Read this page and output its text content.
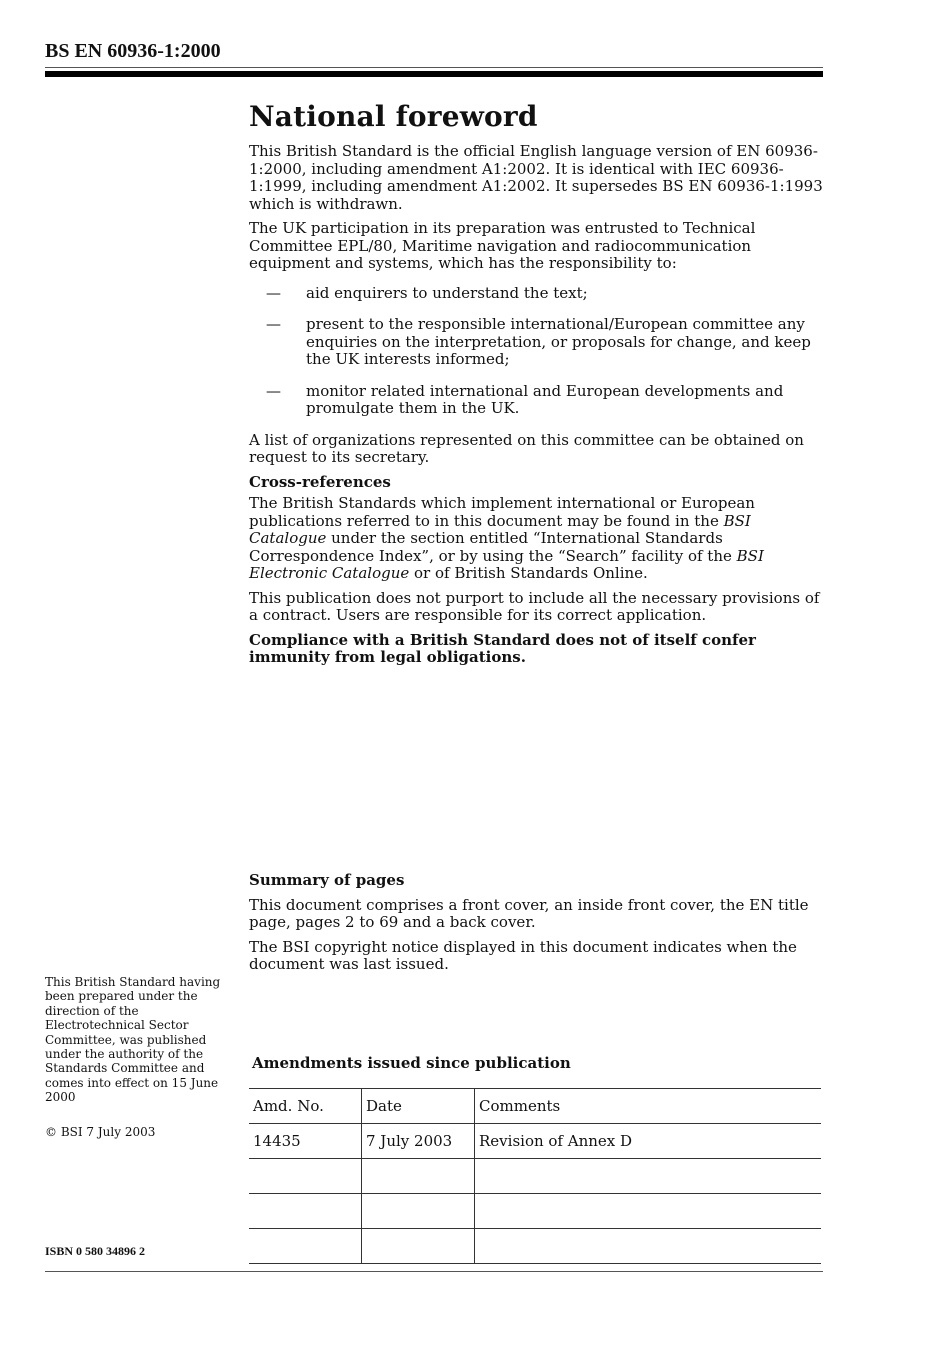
BS EN 60936-1:2000
National foreword

This British Standard is the official English language version of EN 60936-1:2000, including amendment A1:2002. It is identical with IEC 60936-1:1999, including amendment A1:2002. It supersedes BS EN 60936-1:1993 which is withdrawn.

The UK participation in its preparation was entrusted to Technical Committee EPL/80, Maritime navigation and radiocommunication equipment and systems, which has the responsibility to:

— aid enquirers to understand the text;
— present to the responsible international/European committee any enquiries on the interpretation, or proposals for change, and keep the UK interests informed;
— monitor related international and European developments and promulgate them in the UK.

A list of organizations represented on this committee can be obtained on request to its secretary.

Cross-references

The British Standards which implement international or European publications referred to in this document may be found in the BSI Catalogue under the section entitled “International Standards Correspondence Index”, or by using the “Search” facility of the BSI Electronic Catalogue or of British Standards Online.

This publication does not purport to include all the necessary provisions of a contract. Users are responsible for its correct application.

Compliance with a British Standard does not of itself confer immunity from legal obligations.

Summary of pages

This document comprises a front cover, an inside front cover, the EN title page, pages 2 to 69 and a back cover.

The BSI copyright notice displayed in this document indicates when the document was last issued.

This British Standard having been prepared under the direction of the Electrotechnical Sector Committee, was published under the authority of the Standards Committee and comes into effect on 15 June 2000

© BSI 7 July 2003
ISBN 0 580 34896 2
Amendments issued since publication
Amd. No.	Date	Comments
14435	7 July 2003	Revision of Annex D
